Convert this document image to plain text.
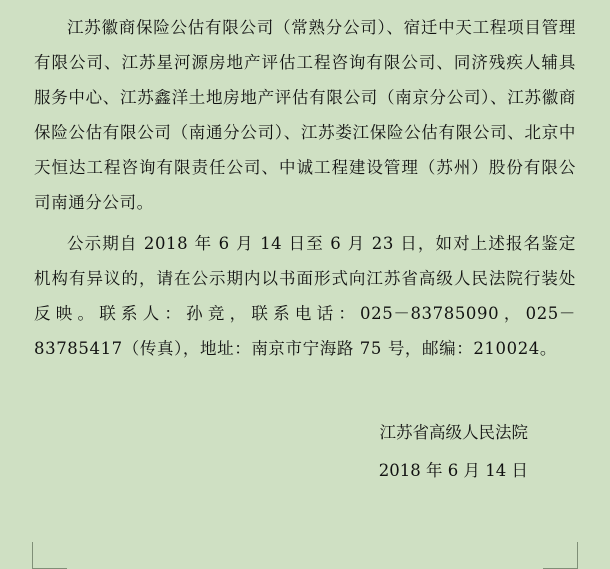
江苏徽商保险公估有限公司（常熟分公司）、宿迁中天工程项目管理有限公司、江苏星河源房地产评估工程咨询有限公司、同济残疾人辅具服务中心、江苏鑫洋土地房地产评估有限公司（南京分公司）、江苏徽商保险公估有限公司（南通分公司）、江苏娄江保险公估有限公司、北京中天恒达工程咨询有限责任公司、中诚工程建设管理（苏州）股份有限公司南通分公司。

公示期自 2018 年 6 月 14 日至 6 月 23 日，如对上述报名鉴定机构有异议的，请在公示期内以书面形式向江苏省高级人民法院行装处反映。联系人：孙竞，联系电话：025－83785090，025－83785417（传真），地址：南京市宁海路 75 号，邮编：210024。

江苏省高级人民法院
2018 年 6 月 14 日
